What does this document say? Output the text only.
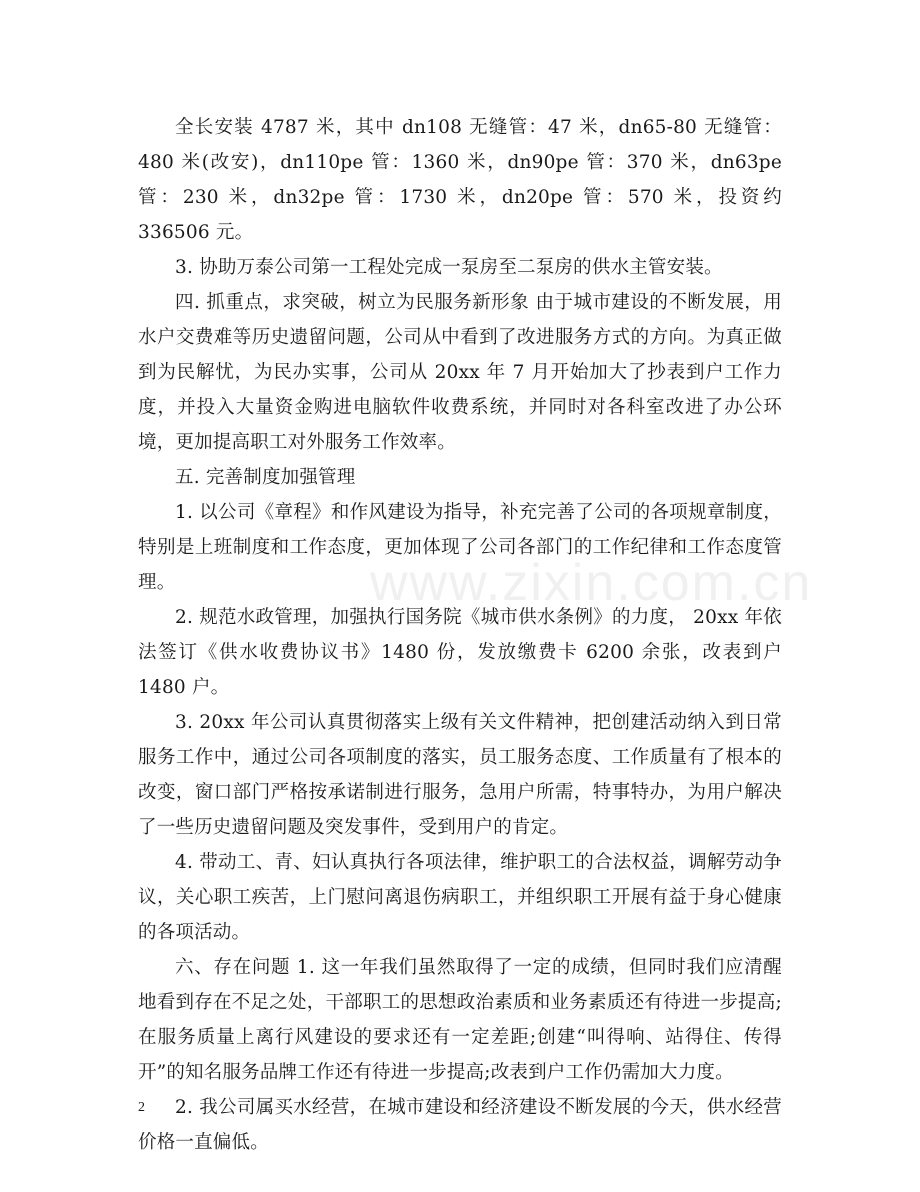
www.zixin.com.cn

全长安装 4787 米，其中 dn108 无缝管：47 米，dn65-80 无缝管：480 米(改安)，dn110pe 管：1360 米，dn90pe 管：370 米，dn63pe 管：230 米，dn32pe 管：1730 米，dn20pe 管：570 米，投资约 336506 元。

3. 协助万泰公司第一工程处完成一泵房至二泵房的供水主管安装。

四. 抓重点，求突破，树立为民服务新形象 由于城市建设的不断发展，用水户交费难等历史遗留问题，公司从中看到了改进服务方式的方向。为真正做到为民解忧，为民办实事，公司从 20xx 年 7 月开始加大了抄表到户工作力度，并投入大量资金购进电脑软件收费系统，并同时对各科室改进了办公环境，更加提高职工对外服务工作效率。

五. 完善制度加强管理

1. 以公司《章程》和作风建设为指导，补充完善了公司的各项规章制度，特别是上班制度和工作态度，更加体现了公司各部门的工作纪律和工作态度管理。

2. 规范水政管理，加强执行国务院《城市供水条例》的力度， 20xx 年依法签订《供水收费协议书》1480 份，发放缴费卡 6200 余张，改表到户 1480 户。

3. 20xx 年公司认真贯彻落实上级有关文件精神，把创建活动纳入到日常服务工作中，通过公司各项制度的落实，员工服务态度、工作质量有了根本的改变，窗口部门严格按承诺制进行服务，急用户所需，特事特办，为用户解决了一些历史遗留问题及突发事件，受到用户的肯定。

4. 带动工、青、妇认真执行各项法律，维护职工的合法权益，调解劳动争议，关心职工疾苦，上门慰问离退伤病职工，并组织职工开展有益于身心健康的各项活动。

六、存在问题 1. 这一年我们虽然取得了一定的成绩，但同时我们应清醒地看到存在不足之处，干部职工的思想政治素质和业务素质还有待进一步提高;在服务质量上离行风建设的要求还有一定差距;创建“叫得响、站得住、传得开”的知名服务品牌工作还有待进一步提高;改表到户工作仍需加大力度。

2. 我公司属买水经营，在城市建设和经济建设不断发展的今天，供水经营价格一直偏低。

2
